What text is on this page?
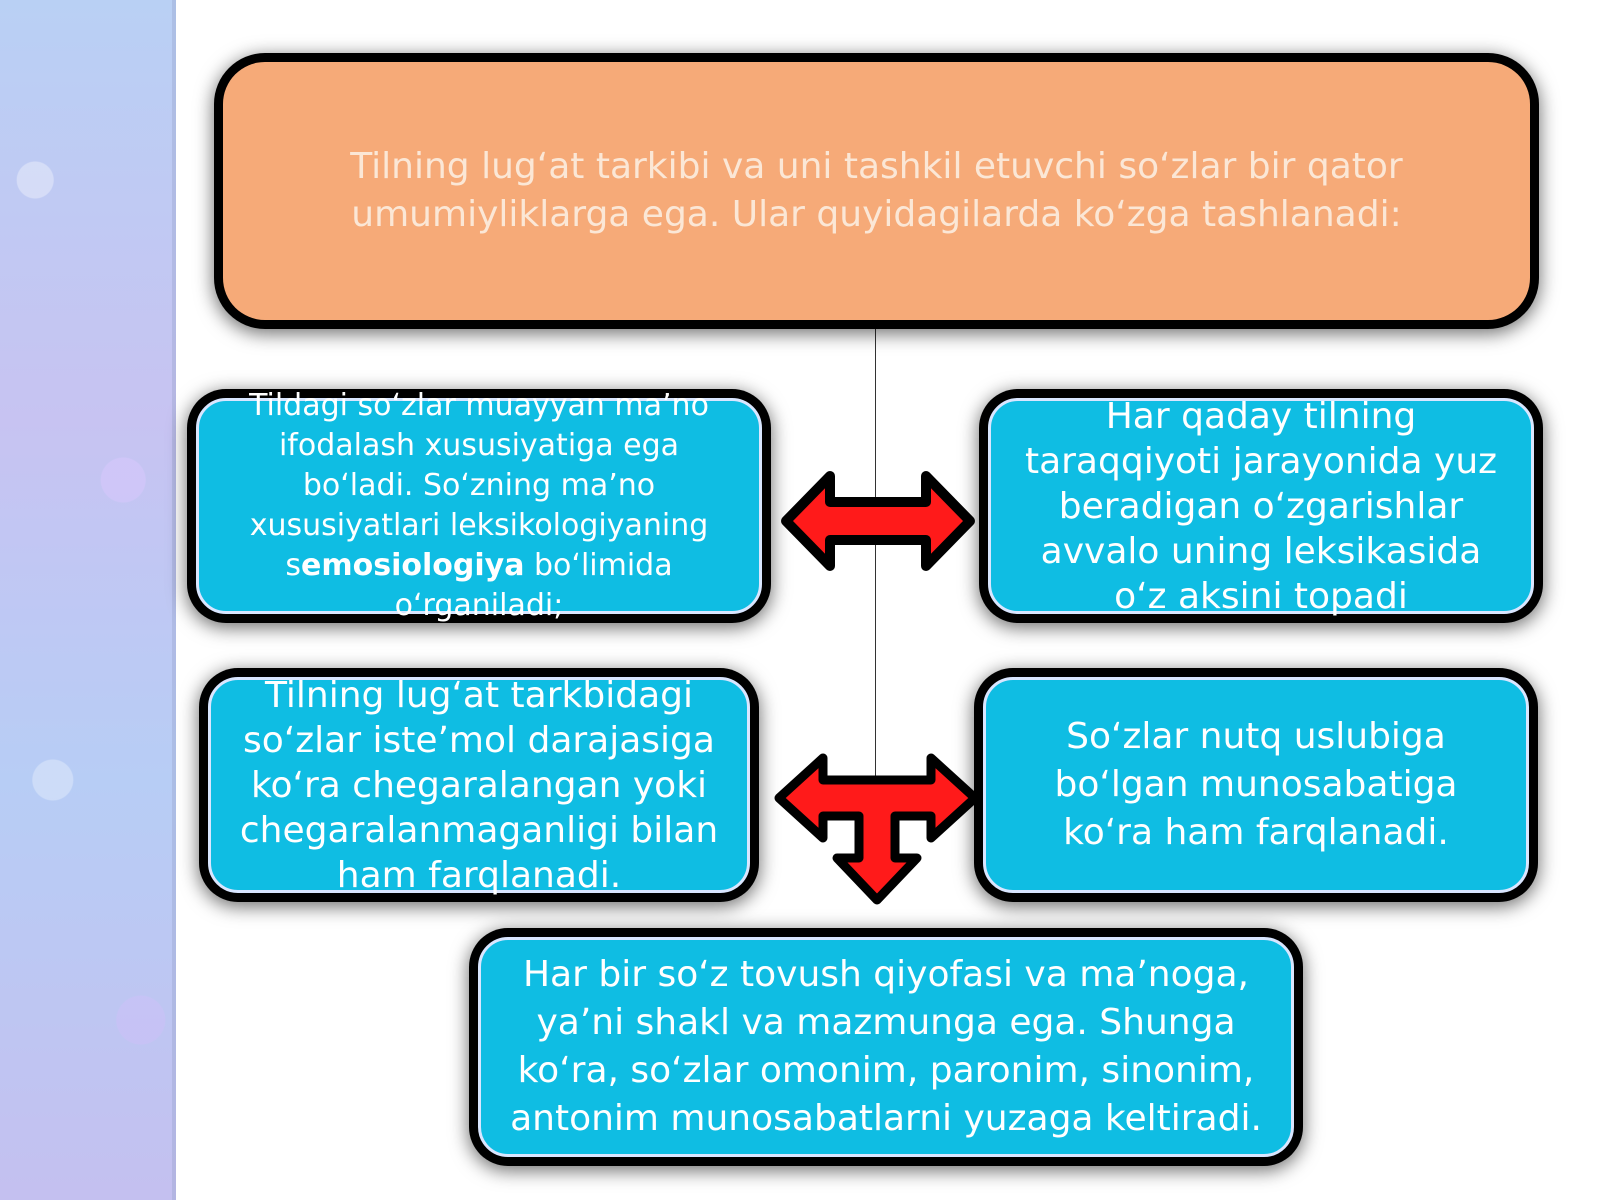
Tilning lug‘at tarkibi va uni tashkil etuvchi so‘zlar bir qator umumiyliklarga ega. Ular quyidagilarda ko‘zga tashlanadi:
Tildagi so‘zlar muayyan ma’no ifodalash xususiyatiga ega bo‘ladi. So‘zning ma’no xususiyatlari leksikologiyaning semosiologiya bo‘limida o‘rganiladi;
Har qaday tilning taraqqiyoti jarayonida yuz beradigan o‘zgarishlar avvalo uning leksikasida o‘z aksini topadi
Tilning lug‘at tarkbidagi so‘zlar iste’mol darajasiga ko‘ra chegaralangan yoki chegaralanmaganligi bilan ham farqlanadi.
So‘zlar nutq uslubiga bo‘lgan munosabatiga ko‘ra ham farqlanadi.
Har bir so‘z tovush qiyofasi va ma’noga, ya’ni shakl va mazmunga ega. Shunga ko‘ra, so‘zlar omonim, paronim, sinonim, antonim munosabatlarni yuzaga keltiradi.
